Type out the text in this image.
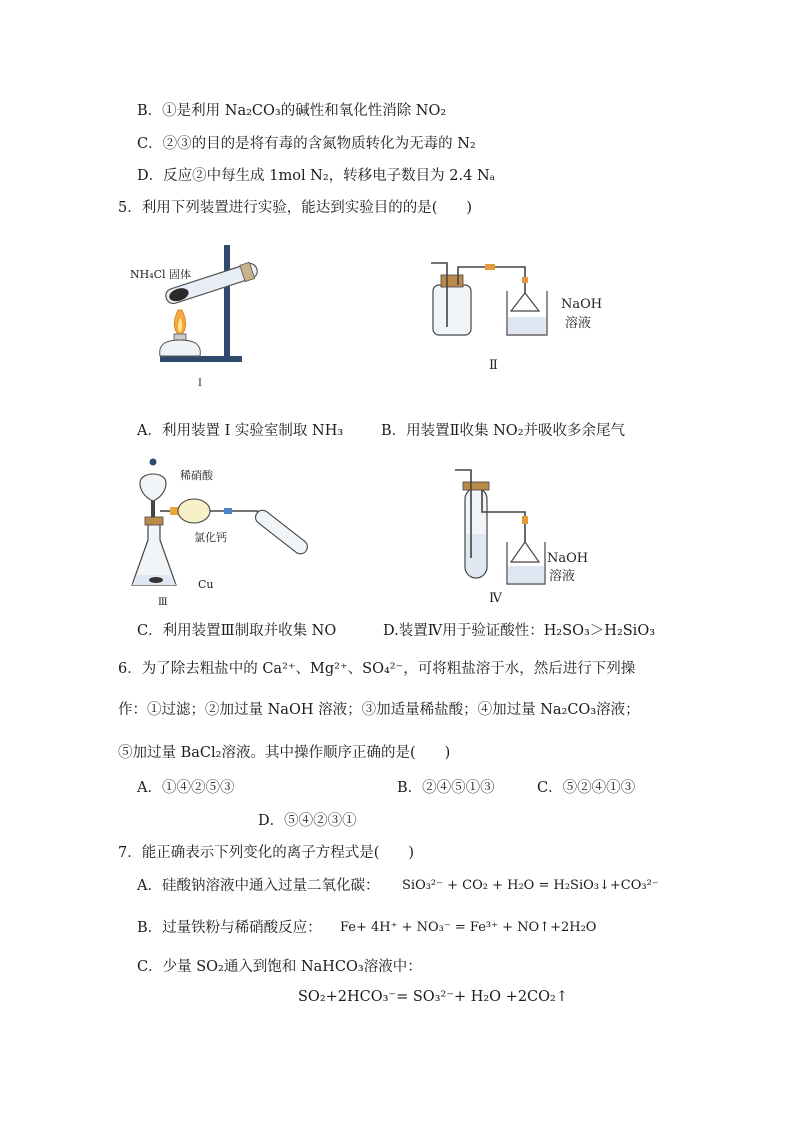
B．①是利用 Na₂CO₃的碱性和氧化性消除 NO₂
C．②③的目的是将有毒的含氮物质转化为无毒的 N₂
D．反应②中每生成 1mol N₂，转移电子数目为 2.4 Nₐ
5．利用下列装置进行实验，能达到实验目的的是(　　)
NH₄Cl 固体
I
NaOH
溶液
Ⅱ
A．利用装置 I 实验室制取 NH₃	B．用装置Ⅱ收集 NO₂并吸收多余尾气
稀硝酸
氯化钙
Cu
Ⅲ
NaOH
溶液
Ⅳ
C．利用装置Ⅲ制取并收集 NO	D.装置Ⅳ用于验证酸性：H₂SO₃＞H₂SiO₃
6．为了除去粗盐中的 Ca²⁺、Mg²⁺、SO₄²⁻，可将粗盐溶于水，然后进行下列操
作：①过滤；②加过量 NaOH 溶液；③加适量稀盐酸；④加过量 Na₂CO₃溶液；
⑤加过量 BaCl₂溶液。其中操作顺序正确的是(　　)
A．①④②⑤③	B．②④⑤①③	C．⑤②④①③
D．⑤④②③①
7．能正确表示下列变化的离子方程式是(　　)
A．硅酸钠溶液中通入过量二氧化碳： SiO₃²⁻ + CO₂ + H₂O = H₂SiO₃↓+CO₃²⁻
B．过量铁粉与稀硝酸反应： Fe+ 4H⁺ + NO₃⁻ = Fe³⁺ + NO↑+2H₂O
C．少量 SO₂通入到饱和 NaHCO₃溶液中：
SO₂+2HCO₃⁻= SO₃²⁻+ H₂O +2CO₂↑
